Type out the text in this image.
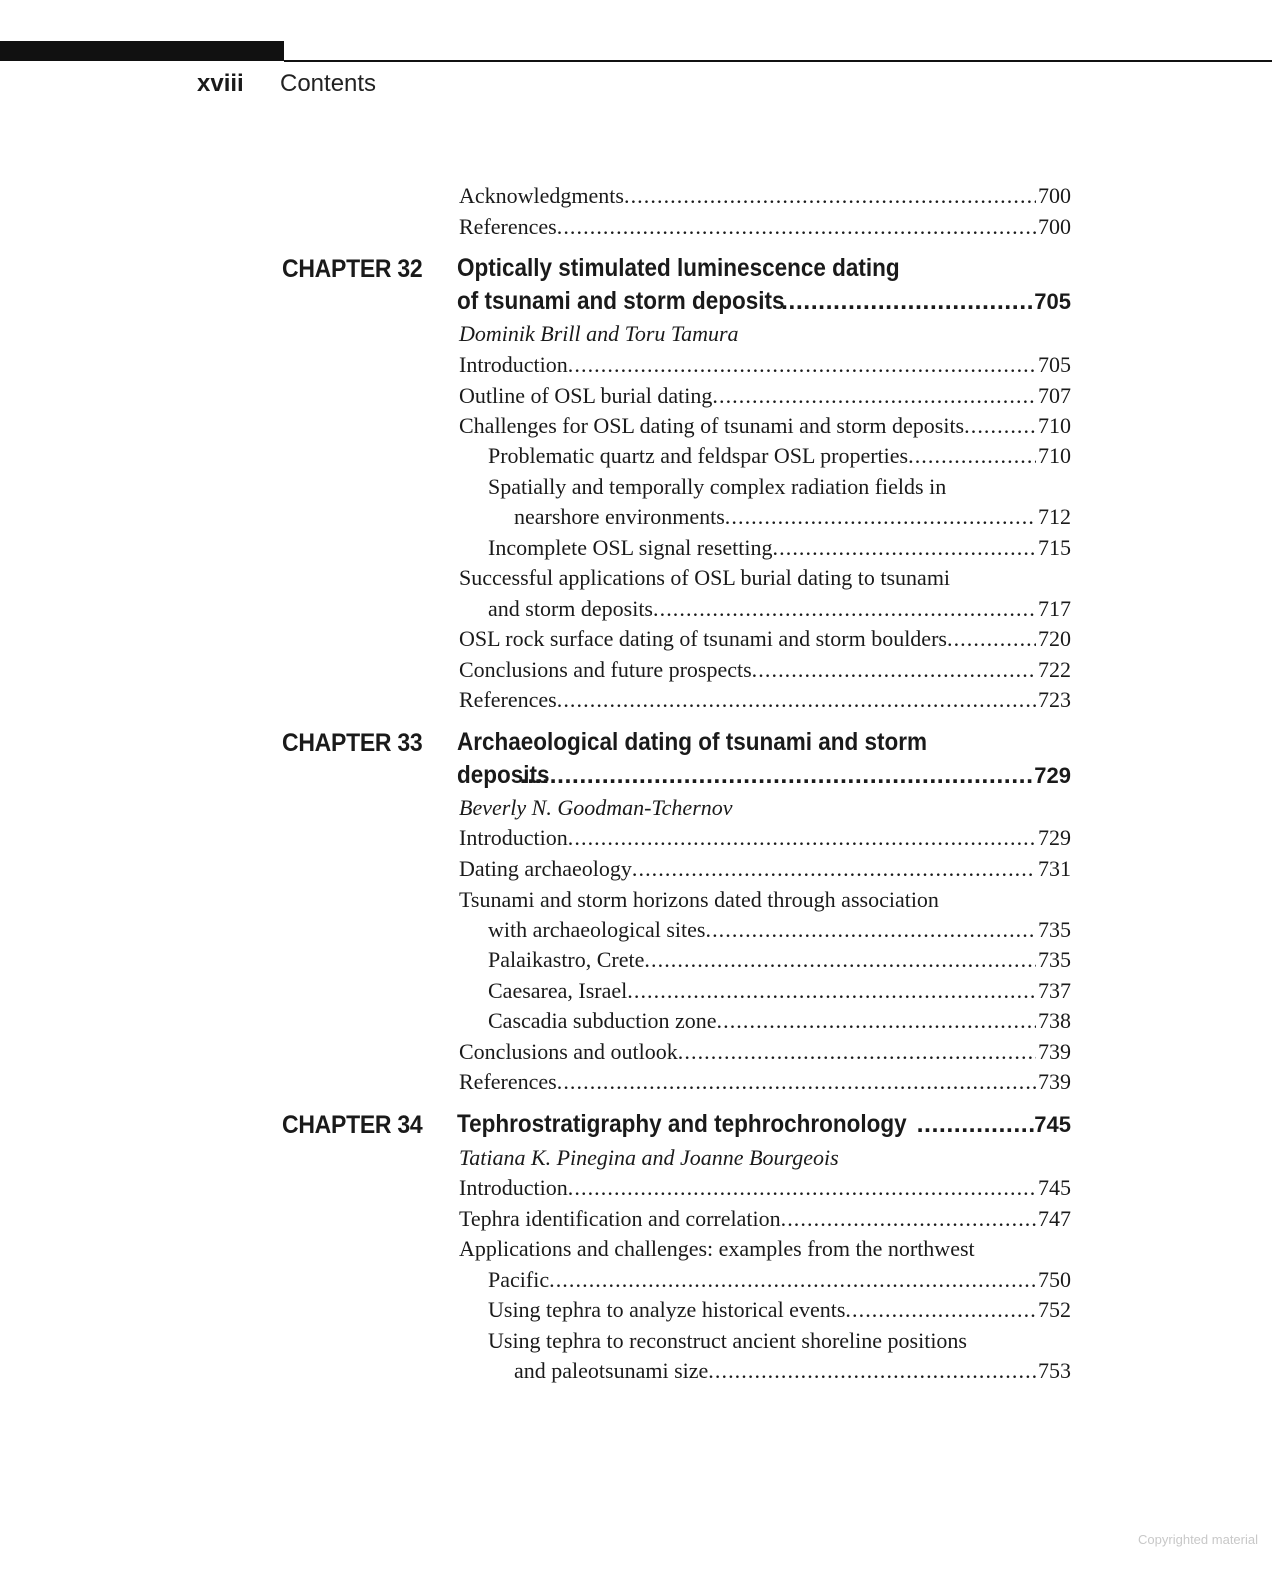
xviii	Contents
Acknowledgments . . .	700
References . . .	700
CHAPTER 32 Optically stimulated luminescence dating
of tsunami and storm deposits .....	705
Dominik Brill and Toru Tamura
Introduction . . .	705
Outline of OSL burial dating . . .	707
Challenges for OSL dating of tsunami and storm deposits . . .	710
Problematic quartz and feldspar OSL properties . . .	710
Spatially and temporally complex radiation fields in
nearshore environments . . .	712
Incomplete OSL signal resetting . . .	715
Successful applications of OSL burial dating to tsunami
and storm deposits . . .	717
OSL rock surface dating of tsunami and storm boulders . . .	720
Conclusions and future prospects . . .	722
References . . .	723
CHAPTER 33 Archaeological dating of tsunami and storm
deposits .....	729
Beverly N. Goodman-Tchernov
Introduction . . .	729
Dating archaeology . . .	731
Tsunami and storm horizons dated through association
with archaeological sites . . .	735
Palaikastro, Crete . . .	735
Caesarea, Israel . . .	737
Cascadia subduction zone . . .	738
Conclusions and outlook . . .	739
References . . .	739
CHAPTER 34 Tephrostratigraphy and tephrochronology .....	745
Tatiana K. Pinegina and Joanne Bourgeois
Introduction . . .	745
Tephra identification and correlation . . .	747
Applications and challenges: examples from the northwest
Pacific . . .	750
Using tephra to analyze historical events . . .	752
Using tephra to reconstruct ancient shoreline positions
and paleotsunami size . . .	753
Copyrighted material
